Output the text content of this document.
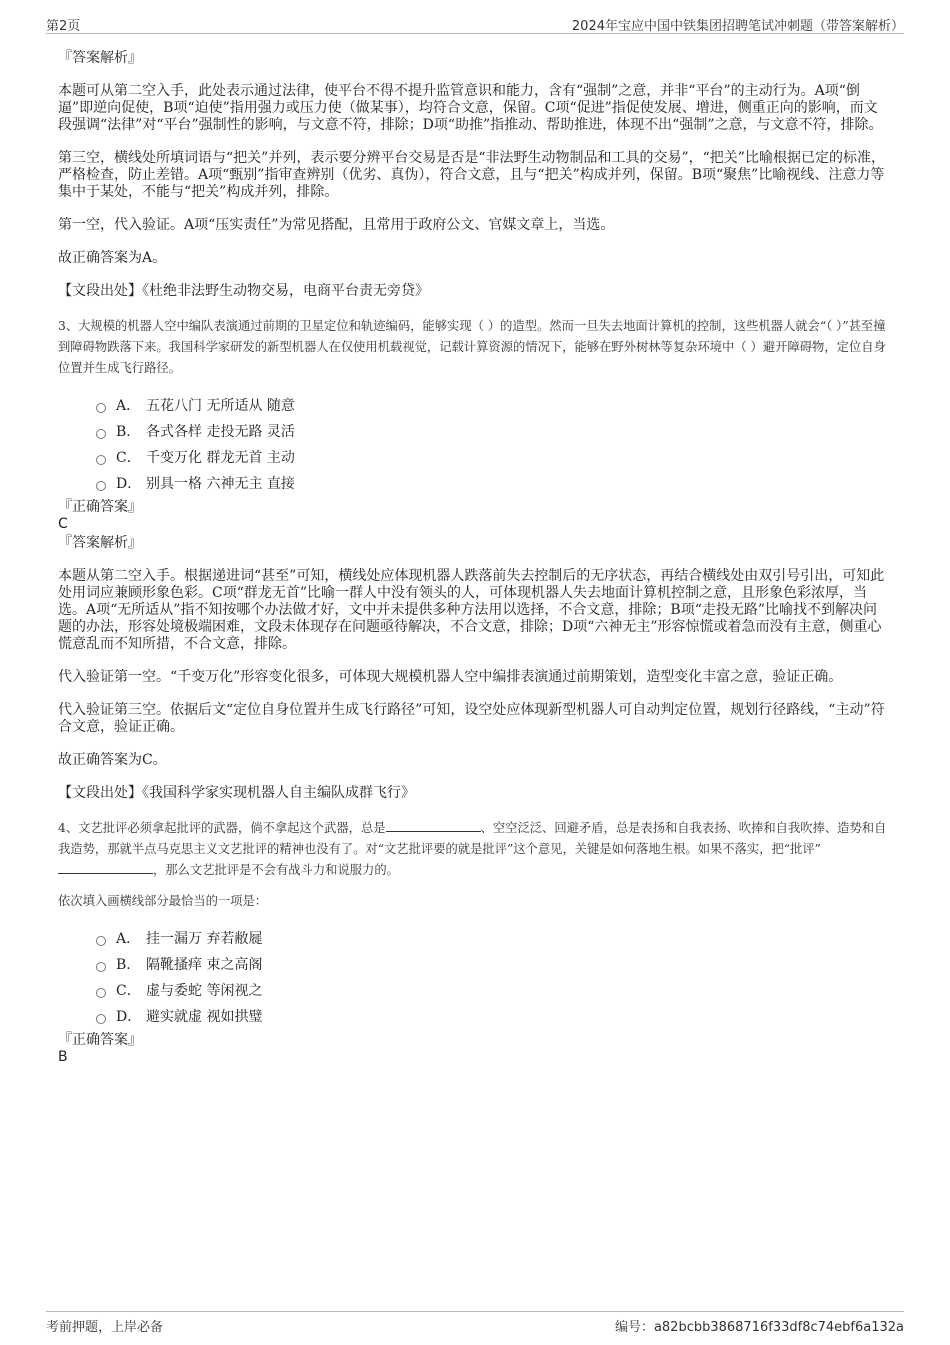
第2页	2024年宝应中国中铁集团招聘笔试冲刺题（带答案解析）

『答案解析』

本题可从第二空入手，此处表示通过法律，使平台不得不提升监管意识和能力，含有“强制”之意，并非“平台”的主动行为。A项“倒逼”即逆向促使，B项“迫使”指用强力或压力使（做某事），均符合文意，保留。C项“促进”指促使发展、增进，侧重正向的影响，而文段强调“法律”对“平台”强制性的影响，与文意不符，排除；D项“助推”指推动、帮助推进，体现不出“强制”之意，与文意不符，排除。

第三空，横线处所填词语与“把关”并列，表示要分辨平台交易是否是“非法野生动物制品和工具的交易”，“把关”比喻根据已定的标准，严格检查，防止差错。A项“甄别”指审查辨别（优劣、真伪），符合文意，且与“把关”构成并列，保留。B项“聚焦”比喻视线、注意力等集中于某处，不能与“把关”构成并列，排除。

第一空，代入验证。A项“压实责任”为常见搭配，且常用于政府公文、官媒文章上，当选。

故正确答案为A。

【文段出处】《杜绝非法野生动物交易，电商平台责无旁贷》

3、大规模的机器人空中编队表演通过前期的卫星定位和轨迹编码，能够实现（ ）的造型。然而一旦失去地面计算机的控制，这些机器人就会“（ ）”甚至撞到障碍物跌落下来。我国科学家研发的新型机器人在仅使用机载视觉，记载计算资源的情况下，能够在野外树林等复杂环境中（ ）避开障碍物，定位自身位置并生成飞行路径。

A． 五花八门 无所适从 随意
B. 各式各样 走投无路 灵活
C． 千变万化 群龙无首 主动
D． 别具一格 六神无主 直接

『正确答案』

C

『答案解析』

本题从第二空入手。根据递进词“甚至”可知，横线处应体现机器人跌落前失去控制后的无序状态，再结合横线处由双引号引出，可知此处用词应兼顾形象色彩。C项“群龙无首”比喻一群人中没有领头的人，可体现机器人失去地面计算机控制之意，且形象色彩浓厚，当选。A项“无所适从”指不知按哪个办法做才好，文中并未提供多种方法用以选择，不合文意，排除；B项“走投无路”比喻找不到解决问题的办法，形容处境极端困难，文段未体现存在问题亟待解决，不合文意，排除；D项“六神无主”形容惊慌或着急而没有主意，侧重心慌意乱而不知所措，不合文意，排除。

代入验证第一空。“千变万化”形容变化很多，可体现大规模机器人空中编排表演通过前期策划，造型变化丰富之意，验证正确。

代入验证第三空。依据后文“定位自身位置并生成飞行路径”可知，设空处应体现新型机器人可自动判定位置，规划行径路线，“主动”符合文意，验证正确。

故正确答案为C。

【文段出处】《我国科学家实现机器人自主编队成群飞行》

4、文艺批评必须拿起批评的武器，倘不拿起这个武器，总是	、空空泛泛、回避矛盾，总是表扬和自我表扬、吹捧和自我吹捧、造势和自我造势，那就半点马克思主义文艺批评的精神也没有了。对“文艺批评要的就是批评”这个意见，关键是如何落地生根。如果不落实，把“批评”，那么文艺批评是不会有战斗力和说服力的。

依次填入画横线部分最恰当的一项是：

A． 挂一漏万 弃若敝屣
B. 隔靴搔痒 束之高阁
C． 虚与委蛇 等闲视之
D． 避实就虚 视如拱璧

『正确答案』

B

考前押题，上岸必备	编号：a82bcbb3868716f33df8c74ebf6a132a
